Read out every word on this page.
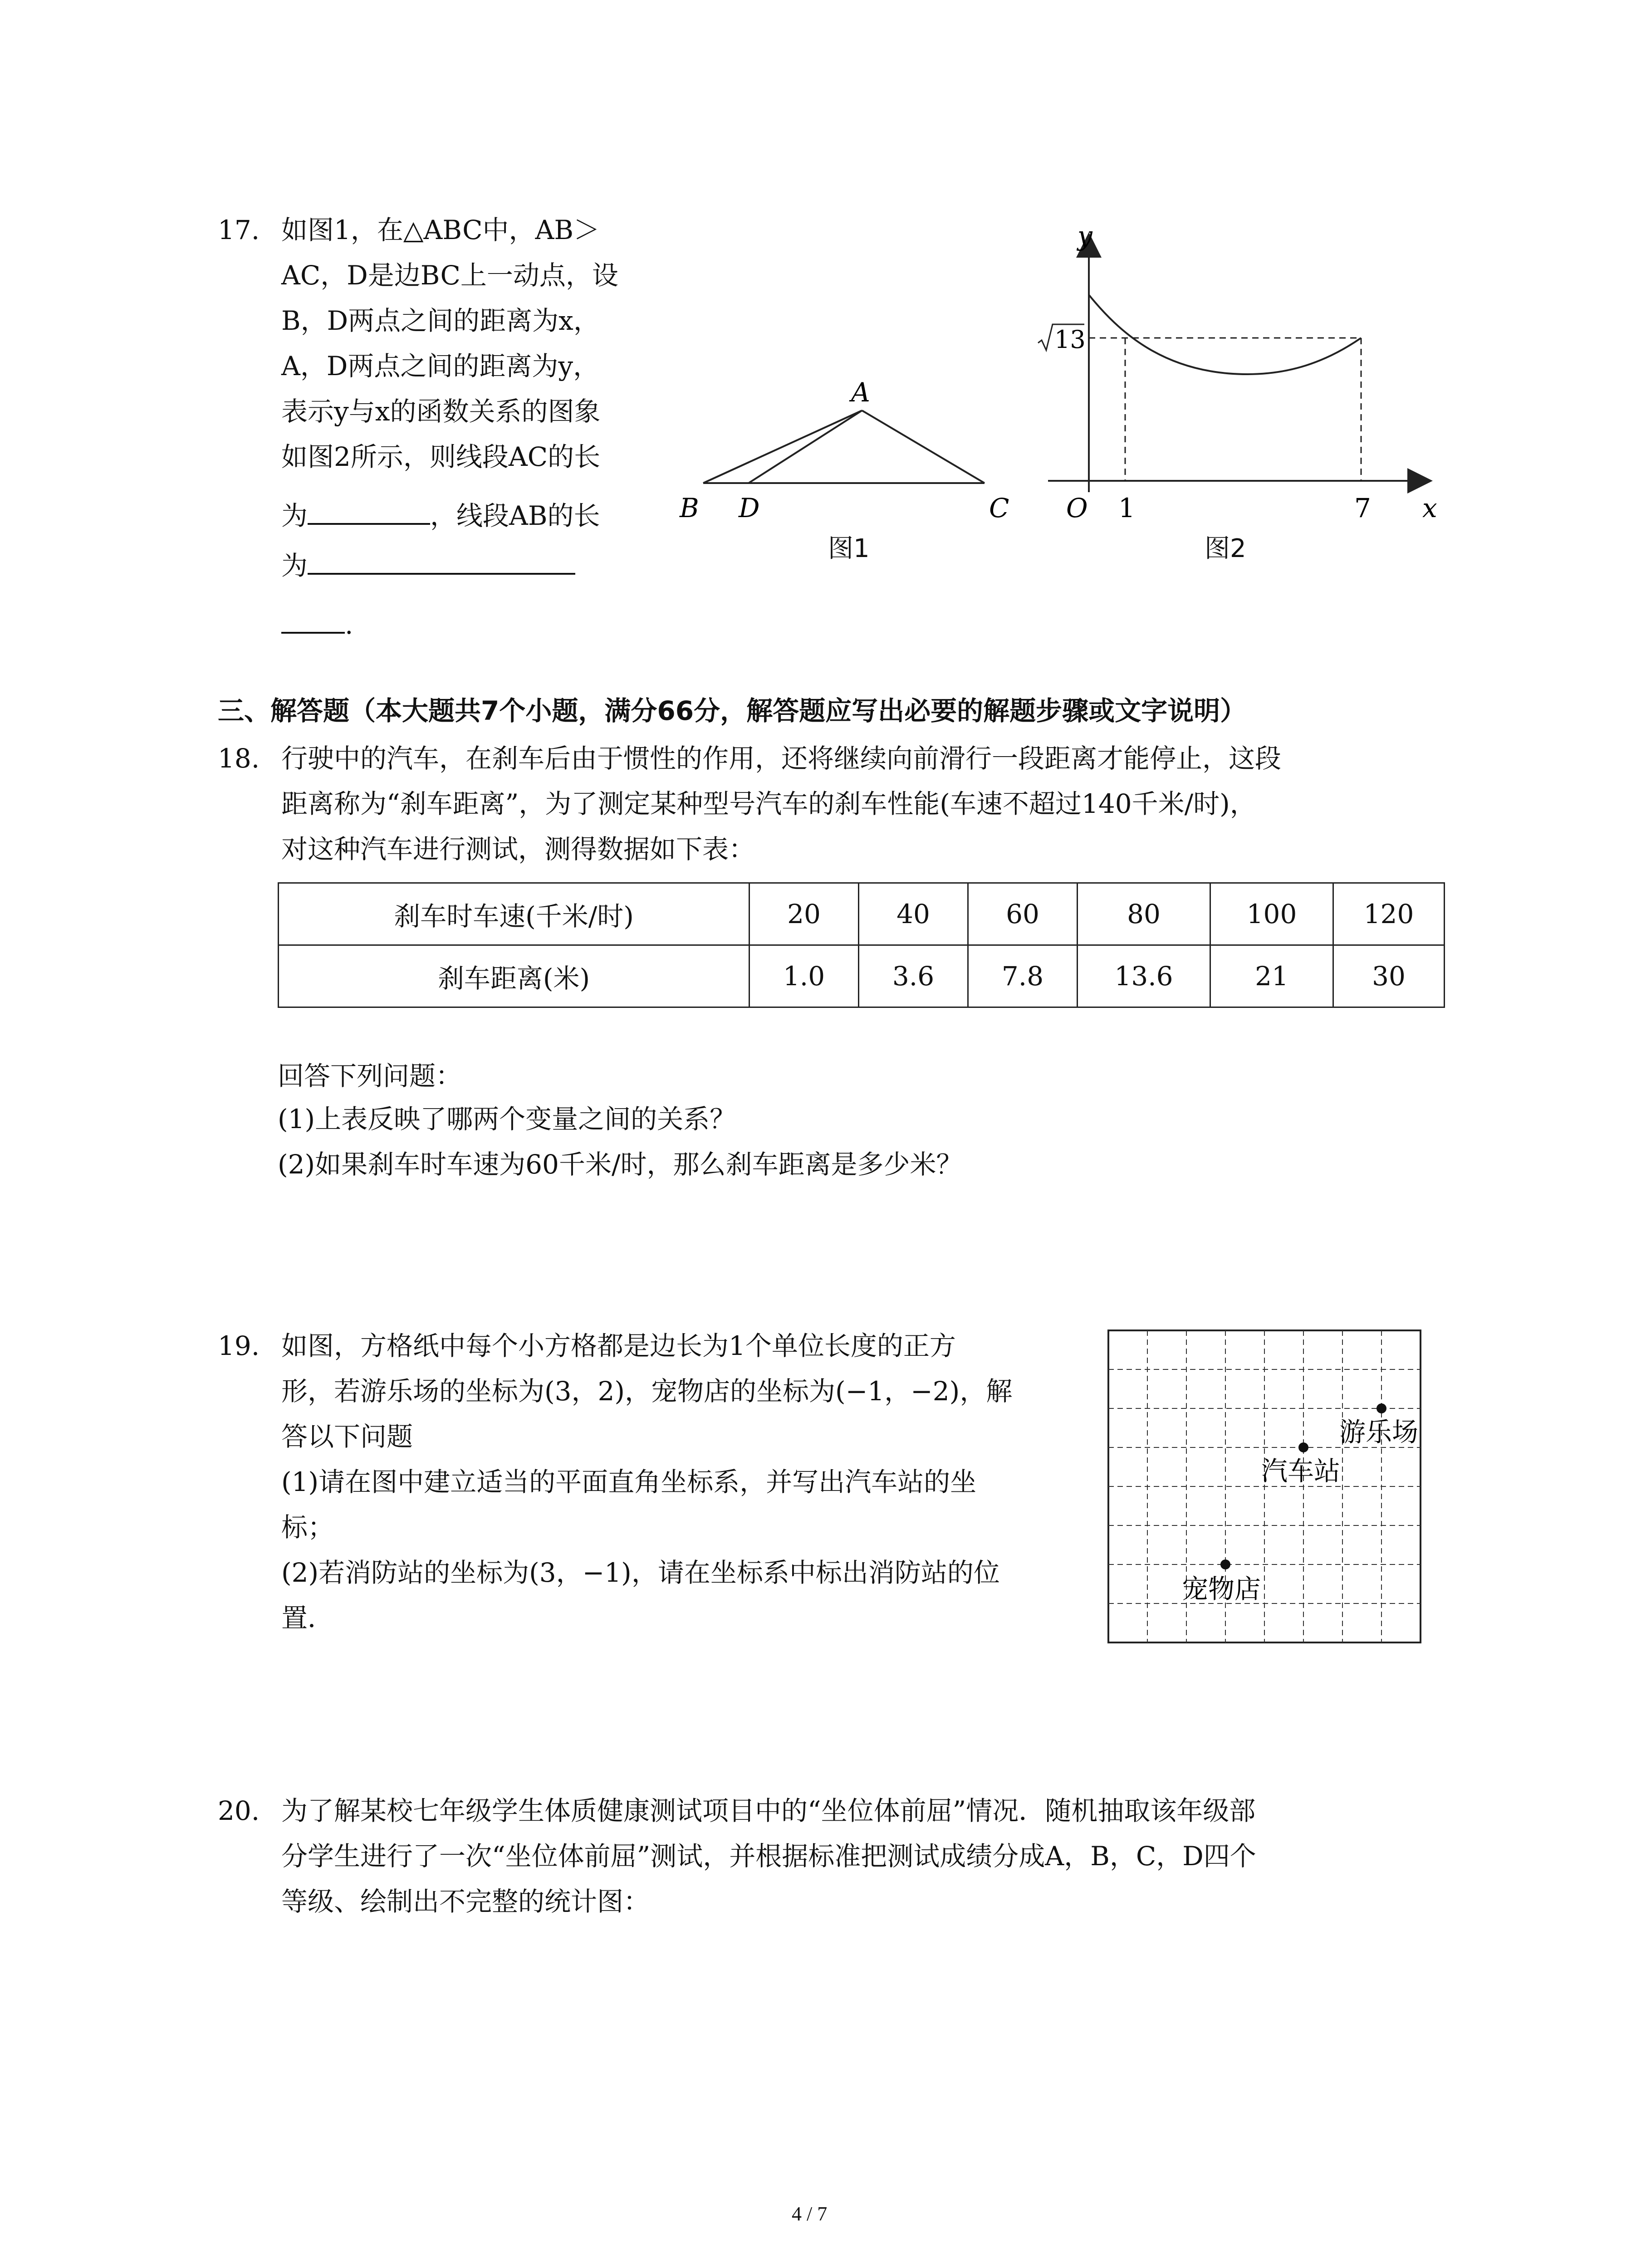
17. 如图1，在△ABC中，AB＞
AC，D是边BC上一动点，设
B，D两点之间的距离为x，
A，D两点之间的距离为y，
表示y与x的函数关系的图象
如图2所示，则线段AC的长
为	，线段AB的长
为
.
A
B D	C
图1
y
x
O 1	7
13
图2
三、解答题（本大题共7个小题，满分66分，解答题应写出必要的解题步骤或文字说明）
18. 行驶中的汽车，在刹车后由于惯性的作用，还将继续向前滑行一段距离才能停止，这段
距离称为“刹车距离”，为了测定某种型号汽车的刹车性能(车速不超过140千米/时)，
对这种汽车进行测试，测得数据如下表：
刹车时车速(千米/时)	20	40	60	80	100	120
刹车距离(米)	1.0	3.6	7.8	13.6	21	30
回答下列问题：
(1)上表反映了哪两个变量之间的关系？
(2)如果刹车时车速为60千米/时，那么刹车距离是多少米？
19. 如图，方格纸中每个小方格都是边长为1个单位长度的正方
形，若游乐场的坐标为(3，2)，宠物店的坐标为(−1，−2)，解
答以下问题
(1)请在图中建立适当的平面直角坐标系，并写出汽车站的坐
标；
(2)若消防站的坐标为(3，−1)，请在坐标系中标出消防站的位
置．
游乐场
汽车站
宠物店
20. 为了解某校七年级学生体质健康测试项目中的“坐位体前屈”情况．随机抽取该年级部
分学生进行了一次“坐位体前屈”测试，并根据标准把测试成绩分成A，B，C，D四个
等级、绘制出不完整的统计图：
4 / 7
